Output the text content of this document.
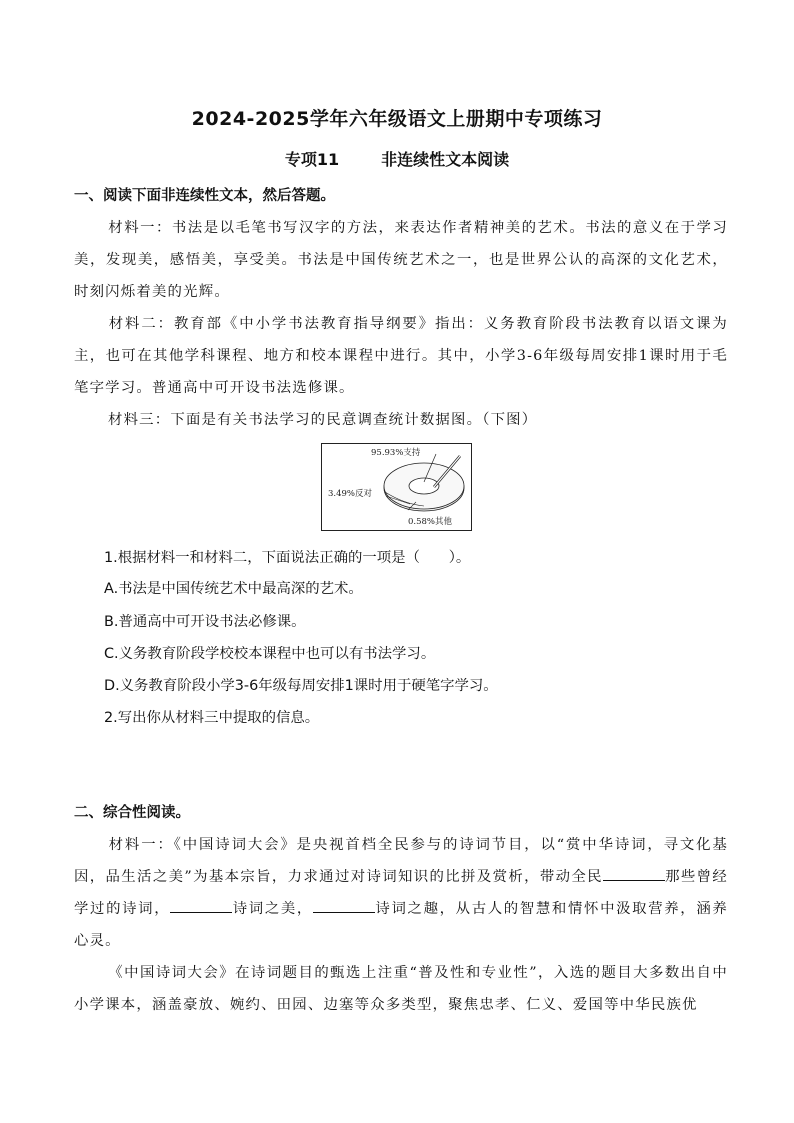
2024-2025学年六年级语文上册期中专项练习
专项11	非连续性文本阅读
一、阅读下面非连续性文本，然后答题。
材料一：书法是以毛笔书写汉字的方法，来表达作者精神美的艺术。书法的意义在于学习美，发现美，感悟美，享受美。书法是中国传统艺术之一，也是世界公认的高深的文化艺术，时刻闪烁着美的光辉。
材料二：教育部《中小学书法教育指导纲要》指出：义务教育阶段书法教育以语文课为主，也可在其他学科课程、地方和校本课程中进行。其中，小学3-6年级每周安排1课时用于毛笔字学习。普通高中可开设书法选修课。
材料三：下面是有关书法学习的民意调查统计数据图。（下图）
95.93%支持
3.49%反对
0.58%其他
1.根据材料一和材料二，下面说法正确的一项是（　　）。
A.书法是中国传统艺术中最高深的艺术。
B.普通高中可开设书法必修课。
C.义务教育阶段学校校本课程中也可以有书法学习。
D.义务教育阶段小学3-6年级每周安排1课时用于硬笔字学习。
2.写出你从材料三中提取的信息。
二、综合性阅读。
材料一：《中国诗词大会》是央视首档全民参与的诗词节目，以“赏中华诗词，寻文化基因，品生活之美”为基本宗旨，力求通过对诗词知识的比拼及赏析，带动全民	那些曾经学过的诗词，	诗词之美，	诗词之趣，从古人的智慧和情怀中汲取营养，涵养心灵。
《中国诗词大会》在诗词题目的甄选上注重“普及性和专业性”，入选的题目大多数出自中小学课本，涵盖豪放、婉约、田园、边塞等众多类型，聚焦忠孝、仁义、爱国等中华民族优
